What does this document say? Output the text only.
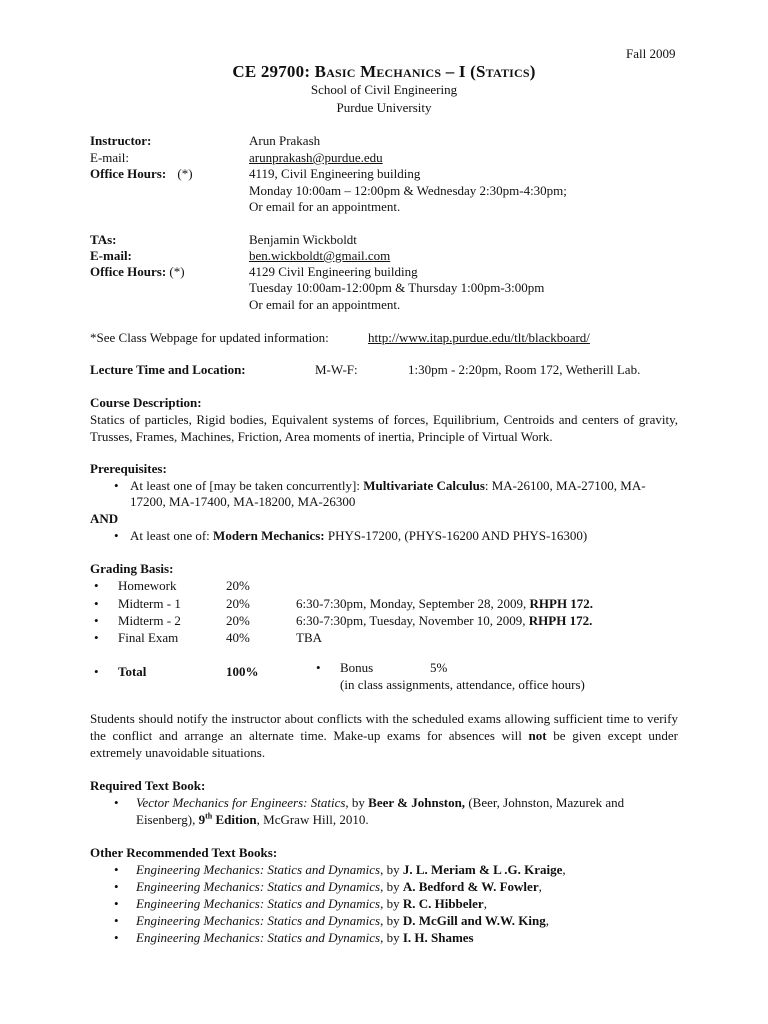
Fall 2009
CE 29700: Basic Mechanics – I (Statics)
School of Civil Engineering
Purdue University
Instructor:	Arun Prakash
E-mail:	arunprakash@purdue.edu
Office Hours: (*)	4119, Civil Engineering building
Monday 10:00am – 12:00pm & Wednesday 2:30pm-4:30pm;
Or email for an appointment.
TAs:	Benjamin Wickboldt
E-mail:	ben.wickboldt@gmail.com
Office Hours: (*)	4129 Civil Engineering building
Tuesday 10:00am-12:00pm & Thursday 1:00pm-3:00pm
Or email for an appointment.
*See Class Webpage for updated information:	http://www.itap.purdue.edu/tlt/blackboard/
Lecture Time and Location:	M-W-F:	1:30pm - 2:20pm, Room 172, Wetherill Lab.
Course Description:
Statics of particles, Rigid bodies, Equivalent systems of forces, Equilibrium, Centroids and centers of gravity, Trusses, Frames, Machines, Friction, Area moments of inertia, Principle of Virtual Work.
Prerequisites:
• At least one of [may be taken concurrently]: Multivariate Calculus: MA-26100, MA-27100, MA-
17200, MA-17400, MA-18200, MA-26300
AND
• At least one of: Modern Mechanics: PHYS-17200, (PHYS-16200 AND PHYS-16300)
Grading Basis:
• Homework	20%
• Midterm - 1	20%	6:30-7:30pm, Monday, September 28, 2009, RHPH 172.
• Midterm - 2	20%	6:30-7:30pm, Tuesday, November 10, 2009, RHPH 172.
• Final Exam	40%	TBA
• Total	100%	• Bonus	5%
(in class assignments, attendance, office hours)
Students should notify the instructor about conflicts with the scheduled exams allowing sufficient time to verify the conflict and arrange an alternate time. Make-up exams for absences will not be given except under extremely unavoidable situations.
Required Text Book:
• Vector Mechanics for Engineers: Statics, by Beer & Johnston, (Beer, Johnston, Mazurek and
Eisenberg), 9th Edition, McGraw Hill, 2010.
Other Recommended Text Books:
• Engineering Mechanics: Statics and Dynamics, by J. L. Meriam & L .G. Kraige,
• Engineering Mechanics: Statics and Dynamics, by A. Bedford & W. Fowler,
• Engineering Mechanics: Statics and Dynamics, by R. C. Hibbeler,
• Engineering Mechanics: Statics and Dynamics, by D. McGill and W.W. King,
• Engineering Mechanics: Statics and Dynamics, by I. H. Shames
